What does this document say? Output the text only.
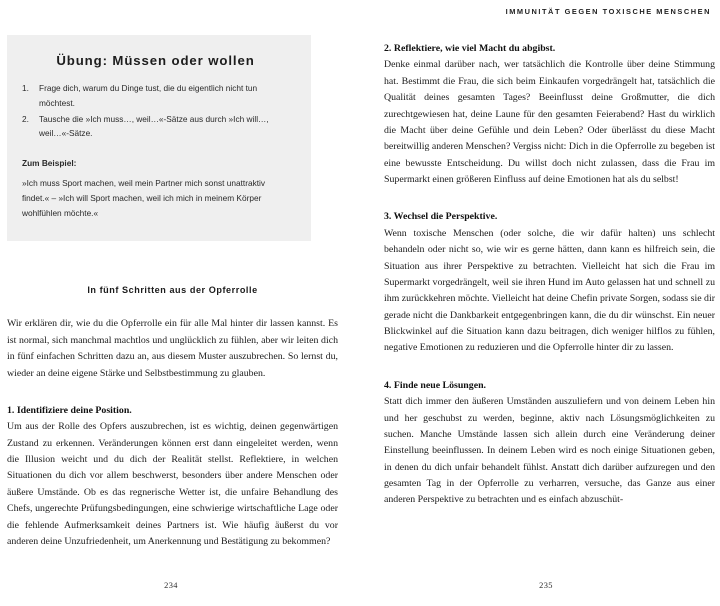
Übung: Müssen oder wollen
Frage dich, warum du Dinge tust, die du eigentlich nicht tun möchtest.
Tausche die »Ich muss…, weil…«-Sätze aus durch »Ich will…, weil…«-Sätze.

Zum Beispiel:

»Ich muss Sport machen, weil mein Partner mich sonst unattraktiv findet.« – »Ich will Sport machen, weil ich mich in meinem Körper wohlfühlen möchte.«

In fünf Schritten aus der Opferrolle

Wir erklären dir, wie du die Opferrolle ein für alle Mal hinter dir lassen kannst. Es ist normal, sich manchmal machtlos und unglücklich zu fühlen, aber wir leiten dich in fünf einfachen Schritten dazu an, aus diesem Muster auszubrechen. So lernst du, wieder an deine eigene Stärke und Selbstbestimmung zu glauben.

1. Identifiziere deine Position.

Um aus der Rolle des Opfers auszubrechen, ist es wichtig, deinen gegenwärtigen Zustand zu erkennen. Veränderungen können erst dann eingeleitet werden, wenn die Illusion weicht und du dich der Realität stellst. Reflektiere, in welchen Situationen du dich vor allem beschwerst, besonders über andere Menschen oder äußere Umstände. Ob es das regnerische Wetter ist, die unfaire Behandlung des Chefs, ungerechte Prüfungsbedingungen, eine schwierige wirtschaftliche Lage oder die fehlende Aufmerksamkeit deines Partners ist. Wie häufig äußerst du vor anderen deine Unzufriedenheit, um Anerkennung und Bestätigung zu bekommen?

234
IMMUNITÄT GEGEN TOXISCHE MENSCHEN

2. Reflektiere, wie viel Macht du abgibst.

Denke einmal darüber nach, wer tatsächlich die Kontrolle über deine Stimmung hat. Bestimmt die Frau, die sich beim Einkaufen vorgedrängelt hat, tatsächlich die Qualität deines gesamten Tages? Beeinflusst deine Großmutter, die dich zurechtgewiesen hat, deine Laune für den gesamten Feierabend? Hast du wirklich die Macht über deine Gefühle und dein Leben? Oder überlässt du diese Macht bereitwillig anderen Menschen? Vergiss nicht: Dich in die Opferrolle zu begeben ist eine bewusste Entscheidung. Du willst doch nicht zulassen, dass die Frau im Supermarkt einen größeren Einfluss auf deine Emotionen hat als du selbst!

3. Wechsel die Perspektive.

Wenn toxische Menschen (oder solche, die wir dafür halten) uns schlecht behandeln oder nicht so, wie wir es gerne hätten, dann kann es hilfreich sein, die Situation aus ihrer Perspektive zu betrachten. Vielleicht hat sich die Frau im Supermarkt vorgedrängelt, weil sie ihren Hund im Auto gelassen hat und schnell zu ihm zurückkehren möchte. Vielleicht hat deine Chefin private Sorgen, sodass sie dir gerade nicht die Dankbarkeit entgegenbringen kann, die du dir wünschst. Ein neuer Blickwinkel auf die Situation kann dazu beitragen, dich weniger hilflos zu fühlen, negative Emotionen zu reduzieren und die Opferrolle hinter dir zu lassen.

4. Finde neue Lösungen.

Statt dich immer den äußeren Umständen auszuliefern und von deinem Leben hin und her geschubst zu werden, beginne, aktiv nach Lösungsmöglichkeiten zu suchen. Manche Umstände lassen sich allein durch eine Veränderung deiner Einstellung beeinflussen. In deinem Leben wird es noch einige Situationen geben, in denen du dich unfair behandelt fühlst. Anstatt dich darüber aufzuregen und den gesamten Tag in der Opferrolle zu verharren, versuche, das Ganze aus einer anderen Perspektive zu betrachten und es einfach abzuschüt-

235
